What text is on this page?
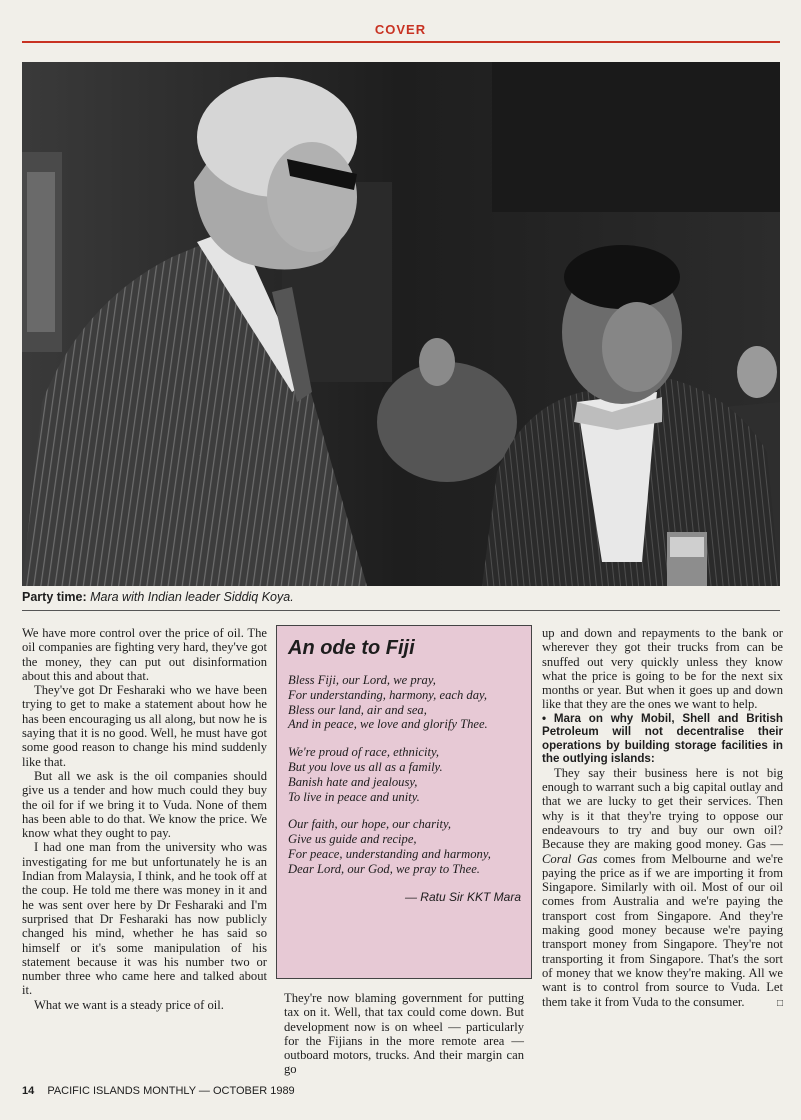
COVER
Party time: Mara with Indian leader Siddiq Koya.

We have more control over the price of oil. The oil companies are fighting very hard, they've got the money, they can put out disinformation about this and about that.

They've got Dr Fesharaki who we have been trying to get to make a statement about how he has been encouraging us all along, but now he is saying that it is no good. Well, he must have got some good reason to change his mind suddenly like that.

But all we ask is the oil companies should give us a tender and how much could they buy the oil for if we bring it to Vuda. None of them has been able to do that. We know the price. We know what they ought to pay.

I had one man from the university who was investigating for me but unfortunately he is an Indian from Malaysia, I think, and he took off at the coup. He told me there was money in it and he was sent over here by Dr Fesharaki and I'm surprised that Dr Fesharaki has now publicly changed his mind, whether he has said so himself or it's some manipulation of his statement because it was his number two or number three who came here and talked about it.

What we want is a steady price of oil.

An ode to Fiji
Bless Fiji, our Lord, we pray,
For understanding, harmony, each day,
Bless our land, air and sea,
And in peace, we love and glorify Thee.
We're proud of race, ethnicity,
But you love us all as a family.
Banish hate and jealousy,
To live in peace and unity.
Our faith, our hope, our charity,
Give us guide and recipe,
For peace, understanding and harmony,
Dear Lord, our God, we pray to Thee.
— Ratu Sir KKT Mara

They're now blaming government for putting tax on it. Well, that tax could come down. But development now is on wheel — particularly for the Fijians in the more remote area — outboard motors, trucks. And their margin can go

up and down and repayments to the bank or wherever they got their trucks from can be snuffed out very quickly unless they know what the price is going to be for the next six months or year. But when it goes up and down like that they are the ones we want to help.

• Mara on why Mobil, Shell and British Petroleum will not decentralise their operations by building storage facilities in the outlying islands:

They say their business here is not big enough to warrant such a big capital outlay and that we are lucky to get their services. Then why is it that they're trying to oppose our endeavours to try and buy our own oil? Because they are making good money. Gas — Coral Gas comes from Melbourne and we're paying the price as if we are importing it from Singapore. Similarly with oil. Most of our oil comes from Australia and we're paying the transport cost from Singapore. And they're making good money because we're paying transport money from Singapore. They're not transporting it from Singapore. That's the sort of money that we know they're making. All we want is to control from source to Vuda. Let them take it from Vuda to the consumer.	□

14 PACIFIC ISLANDS MONTHLY — OCTOBER 1989
